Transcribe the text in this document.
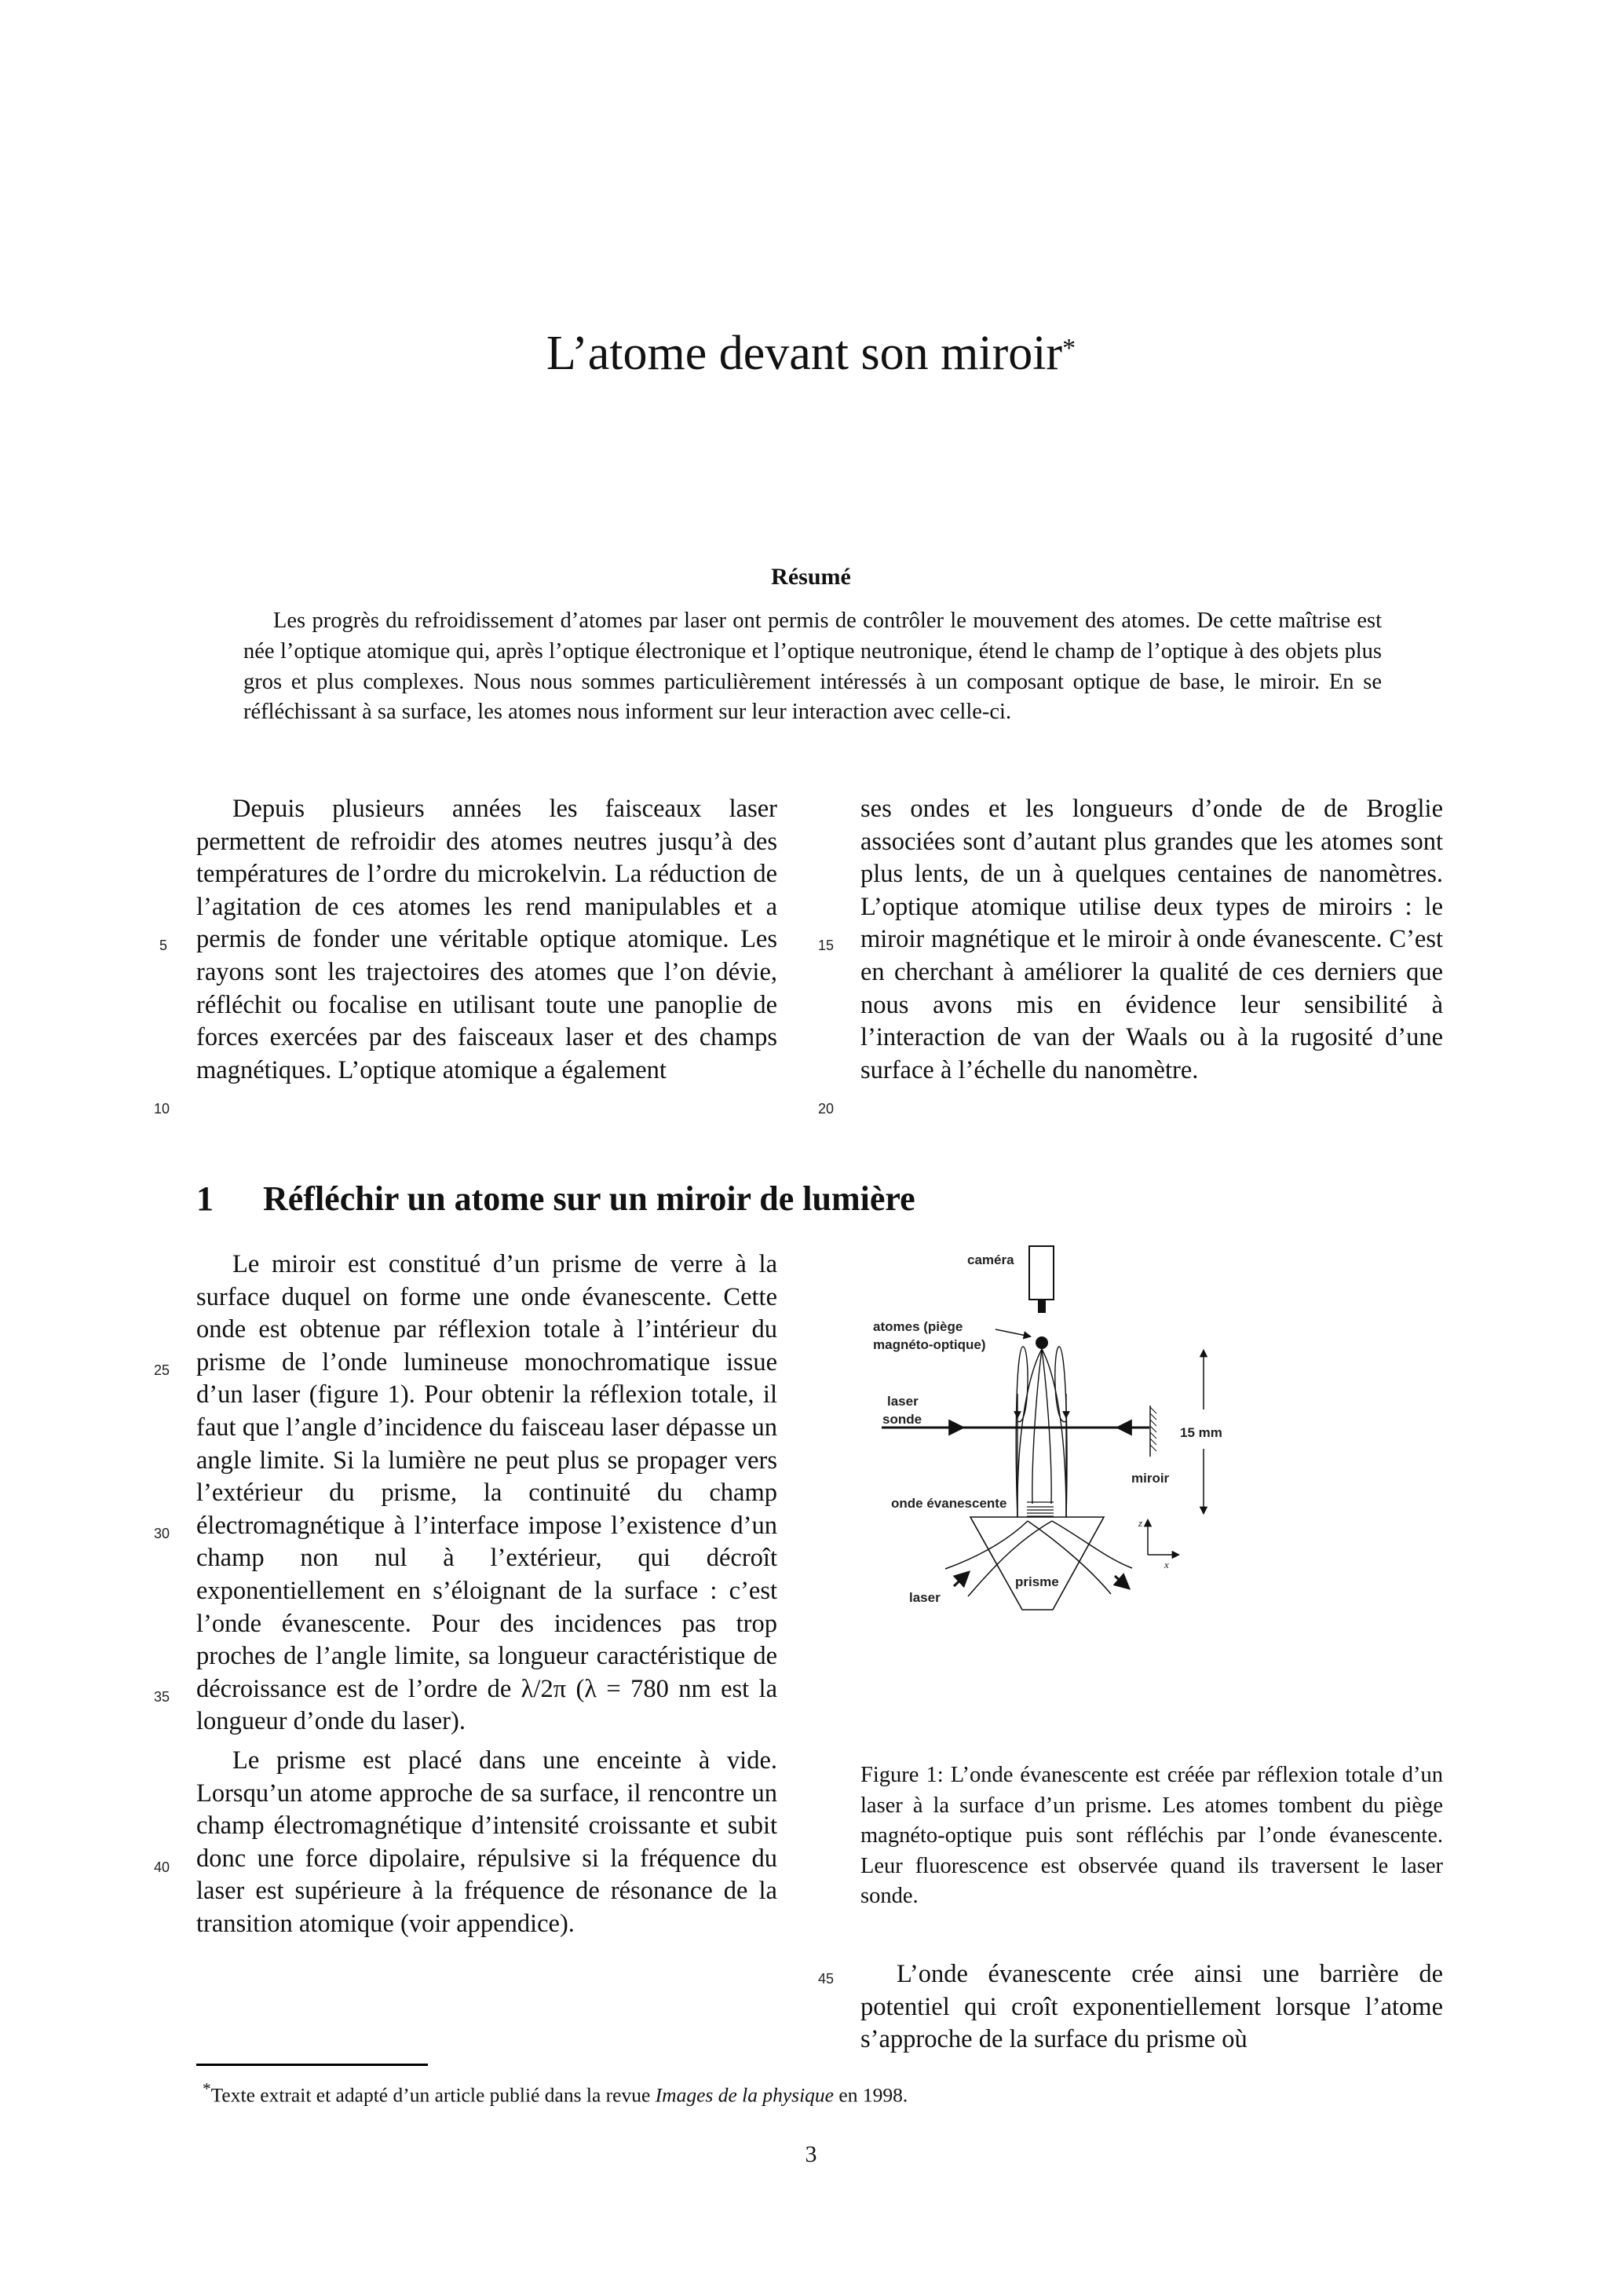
L’atome devant son miroir*
Résumé
Les progrès du refroidissement d’atomes par laser ont permis de contrôler le mouvement des atomes. De cette maîtrise est née l’optique atomique qui, après l’optique électronique et l’optique neutronique, étend le champ de l’optique à des objets plus gros et plus complexes. Nous nous sommes particulièrement intéressés à un composant optique de base, le miroir. En se réfléchissant à sa surface, les atomes nous informent sur leur interaction avec celle-ci.

Depuis plusieurs années les faisceaux laser permettent de refroidir des atomes neutres jusqu’à des températures de l’ordre du microkelvin. La réduction de l’agitation de ces atomes les rend manipulables et a permis de fonder une véritable optique atomique. Les rayons sont les trajectoires des atomes que l’on dévie, réfléchit ou focalise en utilisant toute une panoplie de forces exercées par des faisceaux laser et des champs magnétiques. L’optique atomique a également

ses ondes et les longueurs d’onde de de Broglie associées sont d’autant plus grandes que les atomes sont plus lents, de un à quelques centaines de nanomètres. L’optique atomique utilise deux types de miroirs : le miroir magnétique et le miroir à onde évanescente. C’est en cherchant à améliorer la qualité de ces derniers que nous avons mis en évidence leur sensibilité à l’interaction de van der Waals ou à la rugosité d’une surface à l’échelle du nanomètre.

5
10
15
20
1 Réfléchir un atome sur un miroir de lumière

Le miroir est constitué d’un prisme de verre à la surface duquel on forme une onde évanescente. Cette onde est obtenue par réflexion totale à l’intérieur du prisme de l’onde lumineuse monochromatique issue d’un laser (figure 1). Pour obtenir la réflexion totale, il faut que l’angle d’incidence du faisceau laser dépasse un angle limite. Si la lumière ne peut plus se propager vers l’extérieur du prisme, la continuité du champ électromagnétique à l’interface impose l’existence d’un champ non nul à l’extérieur, qui décroît exponentiellement en s’éloignant de la surface : c’est l’onde évanescente. Pour des incidences pas trop proches de l’angle limite, sa longueur caractéristique de décroissance est de l’ordre de λ/2π (λ = 780 nm est la longueur d’onde du laser).

Le prisme est placé dans une enceinte à vide. Lorsqu’un atome approche de sa surface, il rencontre un champ électromagnétique d’intensité croissante et subit donc une force dipolaire, répulsive si la fréquence du laser est supérieure à la fréquence de résonance de la transition atomique (voir appendice).

25
30
35
40
45
caméra
atomes (piège
magnéto-optique)
laser
sonde
miroir
15 mm
onde évanescente
prisme
laser
z
x
Figure 1: L’onde évanescente est créée par réflexion totale d’un laser à la surface d’un prisme. Les atomes tombent du piège magnéto-optique puis sont réfléchis par l’onde évanescente. Leur fluorescence est observée quand ils traversent le laser sonde.

L’onde évanescente crée ainsi une barrière de potentiel qui croît exponentiellement lorsque l’atome s’approche de la surface du prisme où

*Texte extrait et adapté d’un article publié dans la revue Images de la physique en 1998.
3
